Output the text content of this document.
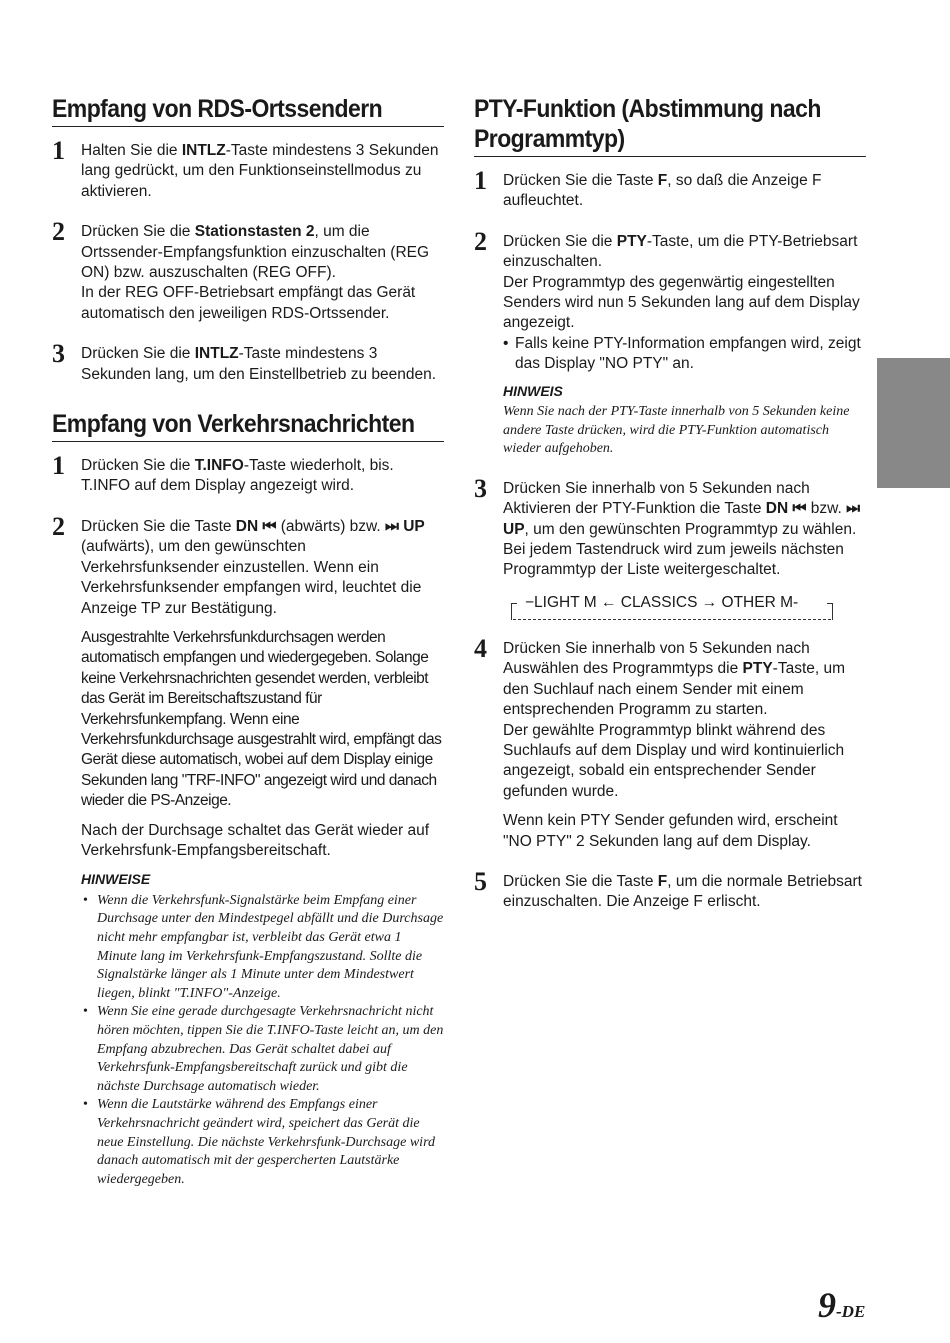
Empfang von RDS-Ortssendern
1 Halten Sie die INTLZ-Taste mindestens 3 Sekunden lang gedrückt, um den Funktionseinstellmodus zu aktivieren.

2 Drücken Sie die Stationstasten 2, um die Ortssender-Empfangsfunktion einzuschalten (REG ON) bzw. auszuschalten (REG OFF).

In der REG OFF-Betriebsart empfängt das Gerät automatisch den jeweiligen RDS-Ortssender.

3 Drücken Sie die INTLZ-Taste mindestens 3 Sekunden lang, um den Einstellbetrieb zu beenden.

Empfang von Verkehrsnachrichten
1 Drücken Sie die T.INFO-Taste wiederholt, bis. T.INFO auf dem Display angezeigt wird.

2 Drücken Sie die Taste DN ⏮ (abwärts) bzw. ⏭ UP (aufwärts), um den gewünschten Verkehrsfunksender einzustellen. Wenn ein Verkehrsfunksender empfangen wird, leuchtet die Anzeige TP zur Bestätigung.

Ausgestrahlte Verkehrsfunkdurchsagen werden automatisch empfangen und wiedergegeben. Solange keine Verkehrsnachrichten gesendet werden, verbleibt das Gerät im Bereitschaftszustand für Verkehrsfunkempfang. Wenn eine Verkehrsfunkdurchsage ausgestrahlt wird, empfängt das Gerät diese automatisch, wobei auf dem Display einige Sekunden lang "TRF-INFO" angezeigt wird und danach wieder die PS-Anzeige.

Nach der Durchsage schaltet das Gerät wieder auf Verkehrsfunk-Empfangsbereitschaft.

HINWEISE
• Wenn die Verkehrsfunk-Signalstärke beim Empfang einer Durchsage unter den Mindestpegel abfällt und die Durchsage nicht mehr empfangbar ist, verbleibt das Gerät etwa 1 Minute lang im Verkehrsfunk-Empfangszustand. Sollte die Signalstärke länger als 1 Minute unter dem Mindestwert liegen, blinkt "T.INFO"-Anzeige.
• Wenn Sie eine gerade durchgesagte Verkehrsnachricht nicht hören möchten, tippen Sie die T.INFO-Taste leicht an, um den Empfang abzubrechen. Das Gerät schaltet dabei auf Verkehrsfunk-Empfangsbereitschaft zurück und gibt die nächste Durchsage automatisch wieder.
• Wenn die Lautstärke während des Empfangs einer Verkehrsnachricht geändert wird, speichert das Gerät die neue Einstellung. Die nächste Verkehrsfunk-Durchsage wird danach automatisch mit der gespercherten Lautstärke wiedergegeben.
PTY-Funktion (Abstimmung nach Programmtyp)
1 Drücken Sie die Taste F, so daß die Anzeige F aufleuchtet.

2 Drücken Sie die PTY-Taste, um die PTY-Betriebsart einzuschalten.

Der Programmtyp des gegenwärtig eingestellten Senders wird nun 5 Sekunden lang auf dem Display angezeigt.

• Falls keine PTY-Information empfangen wird, zeigt das Display "NO PTY" an.

HINWEIS

Wenn Sie nach der PTY-Taste innerhalb von 5 Sekunden keine andere Taste drücken, wird die PTY-Funktion automatisch wieder aufgehoben.

3 Drücken Sie innerhalb von 5 Sekunden nach Aktivieren der PTY-Funktion die Taste DN ⏮ bzw. ⏭ UP, um den gewünschten Programmtyp zu wählen. Bei jedem Tastendruck wird zum jeweils nächsten Programmtyp der Liste weitergeschaltet.

−LIGHT M ← CLASSICS → OTHER M-
4 Drücken Sie innerhalb von 5 Sekunden nach Auswählen des Programmtyps die PTY-Taste, um den Suchlauf nach einem Sender mit einem entsprechenden Programm zu starten.

Der gewählte Programmtyp blinkt während des Suchlaufs auf dem Display und wird kontinuierlich angezeigt, sobald ein entsprechender Sender gefunden wurde.

Wenn kein PTY Sender gefunden wird, erscheint "NO PTY" 2 Sekunden lang auf dem Display.

5 Drücken Sie die Taste F, um die normale Betriebsart einzuschalten. Die Anzeige F erlischt.

9-DE
